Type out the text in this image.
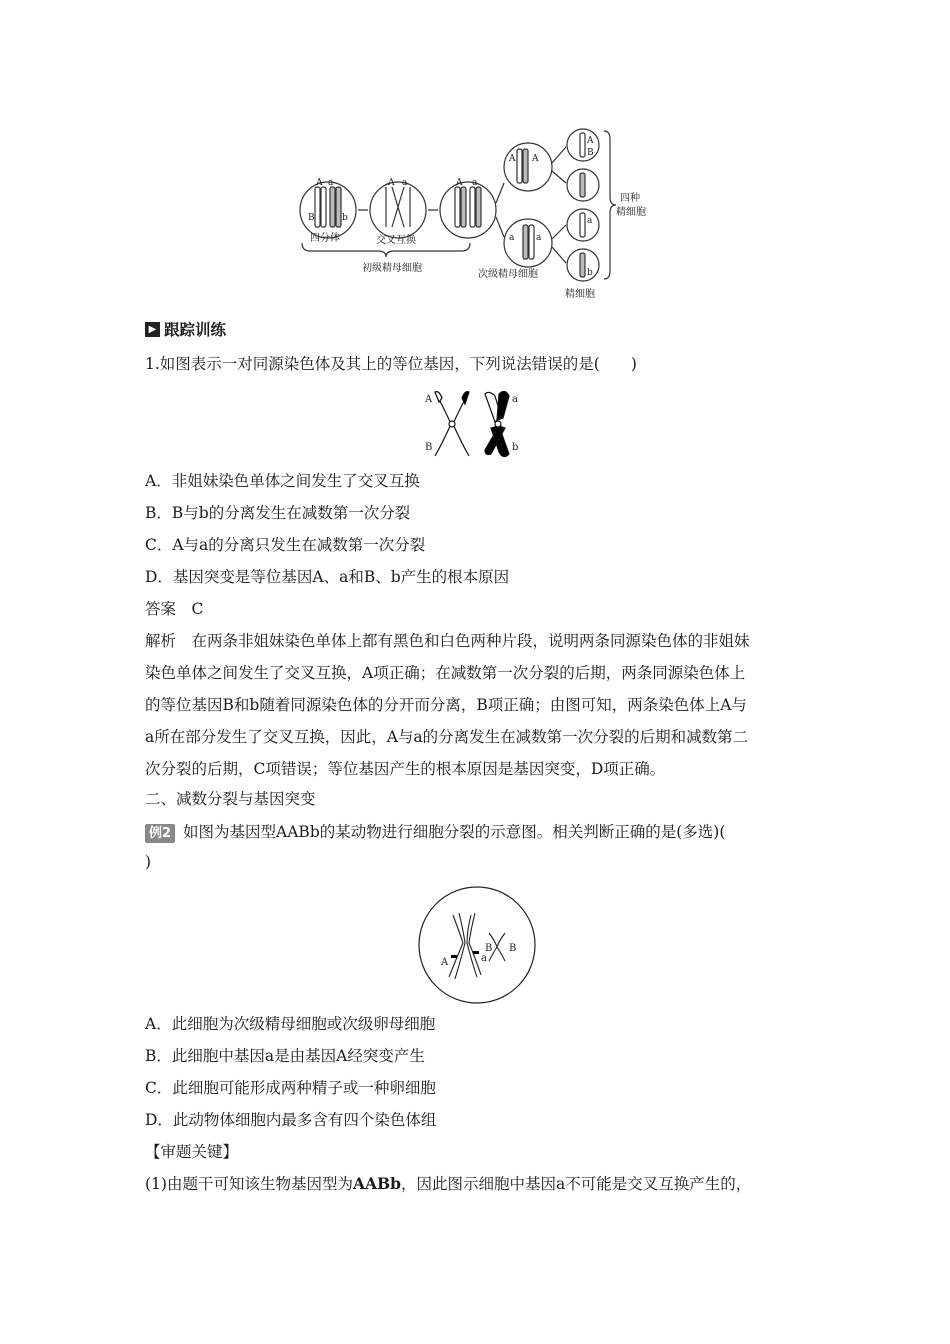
A a
B	b
A a	A a
A A
a a
A
B
a
b
四分体	交叉互换
初级精母细胞
次级精母细胞
精细胞
四种
精细胞
▶ 跟踪训练
1.如图表示一对同源染色体及其上的等位基因，下列说法错误的是(　　)
A	a
B	b
A．非姐妹染色单体之间发生了交叉互换
B．B与b的分离发生在减数第一次分裂
C．A与a的分离只发生在减数第一次分裂
D．基因突变是等位基因A、a和B、b产生的根本原因
答案　C
解析　 在两条非姐妹染色单体上都有黑色和白色两种片段，说明两条同源染色体的非姐妹
染色单体之间发生了交叉互换，A项正确；在减数第一次分裂的后期，两条同源染色体上
的等位基因B和b随着同源染色体的分开而分离，B项正确；由图可知，两条染色体上A与
a所在部分发生了交叉互换，因此，A与a的分离发生在减数第一次分裂的后期和减数第二
次分裂的后期，C项错误；等位基因产生的根本原因是基因突变，D项正确。
二、减数分裂与基因突变
例2 如图为基因型AABb的某动物进行细胞分裂的示意图。相关判断正确的是(多选)(
)
A	a
B B
A．此细胞为次级精母细胞或次级卵母细胞
B．此细胞中基因a是由基因A经突变产生
C．此细胞可能形成两种精子或一种卵细胞
D．此动物体细胞内最多含有四个染色体组
【审题关键】
(1)由题干可知该生物基因型为AABb，因此图示细胞中基因a不可能是交叉互换产生的，
